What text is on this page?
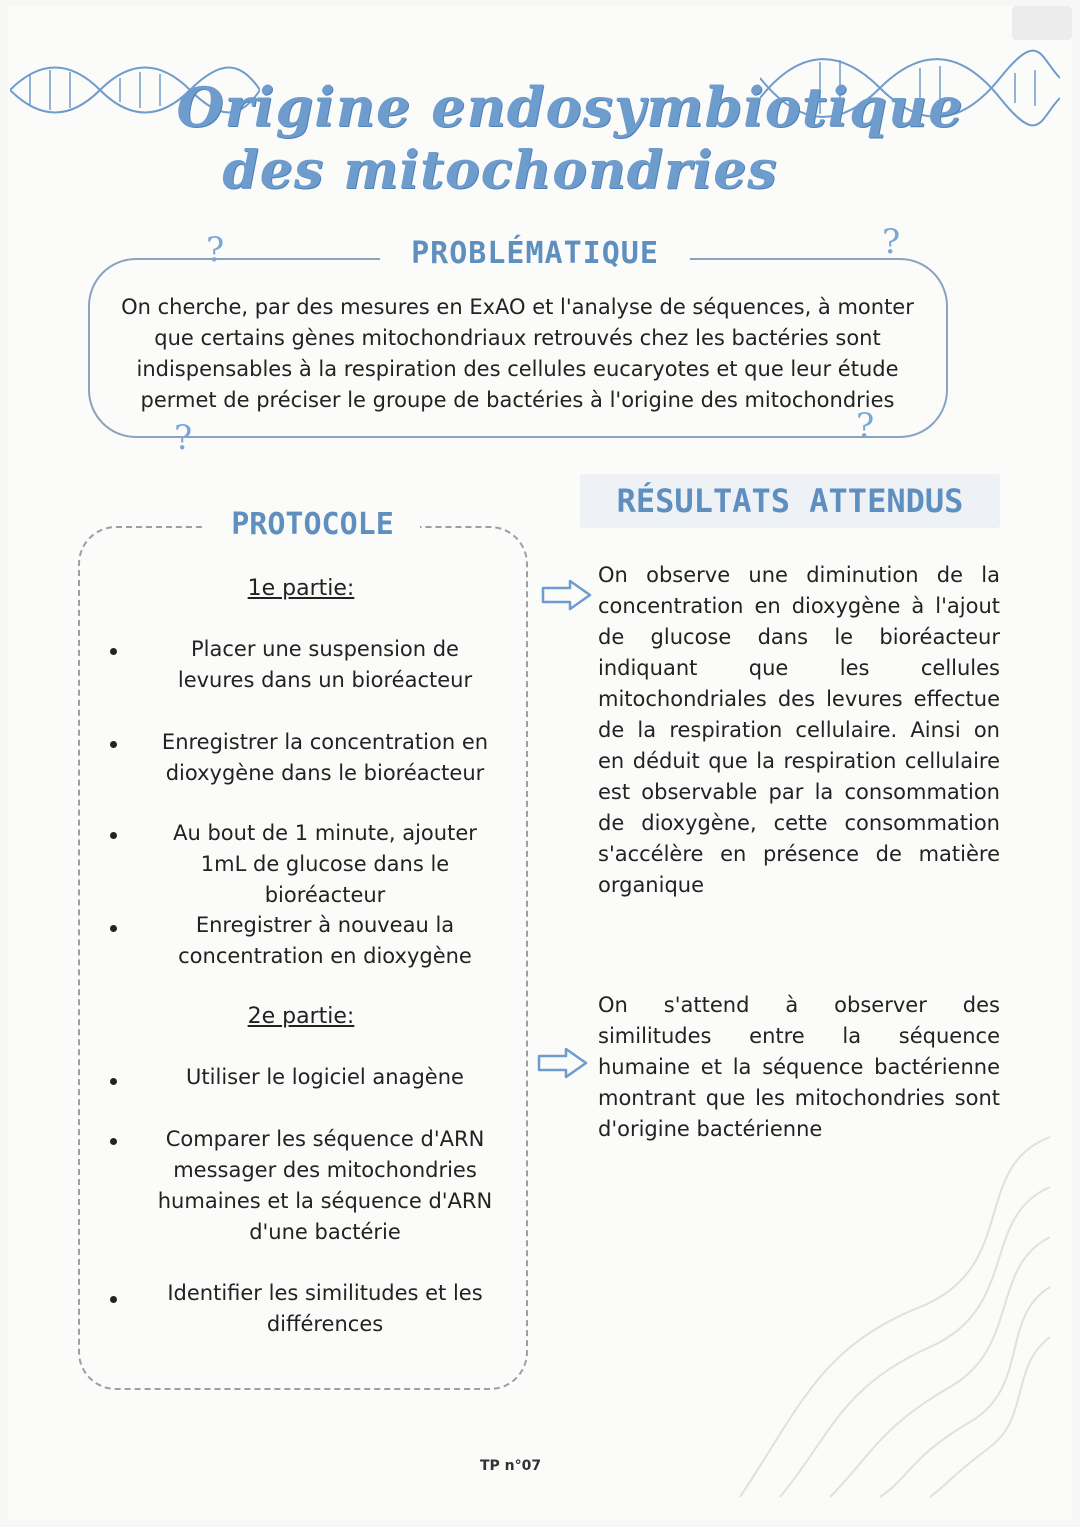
Origine endosymbiotique
des mitochondries
PROBLÉMATIQUE
On cherche, par des mesures en ExAO et l'analyse de séquences, à monter que certains gènes mitochondriaux retrouvés chez les bactéries sont indispensables à la respiration des cellules eucaryotes et que leur étude permet de préciser le groupe de bactéries à l'origine des mitochondries
?	?
?	?
PROTOCOLE
1e partie:
Placer une suspension de levures dans un bioréacteur
Enregistrer la concentration en dioxygène dans le bioréacteur
Au bout de 1 minute, ajouter 1mL de glucose dans le bioréacteur
Enregistrer à nouveau la concentration en dioxygène
2e partie:
Utiliser le logiciel anagène
Comparer les séquence d'ARN messager des mitochondries humaines et la séquence d'ARN d'une bactérie
Identifier les similitudes et les différences
RÉSULTATS ATTENDUS
On observe une diminution de la concentration en dioxygène à l'ajout de glucose dans le bioréacteur indiquant que les cellules mitochondriales des levures effectue de la respiration cellulaire. Ainsi on en déduit que la respiration cellulaire est observable par la consommation de dioxygène, cette consommation s'accélère en présence de matière organique
On s'attend à observer des similitudes entre la séquence humaine et la séquence bactérienne montrant que les mitochondries sont d'origine bactérienne
TP n°07
